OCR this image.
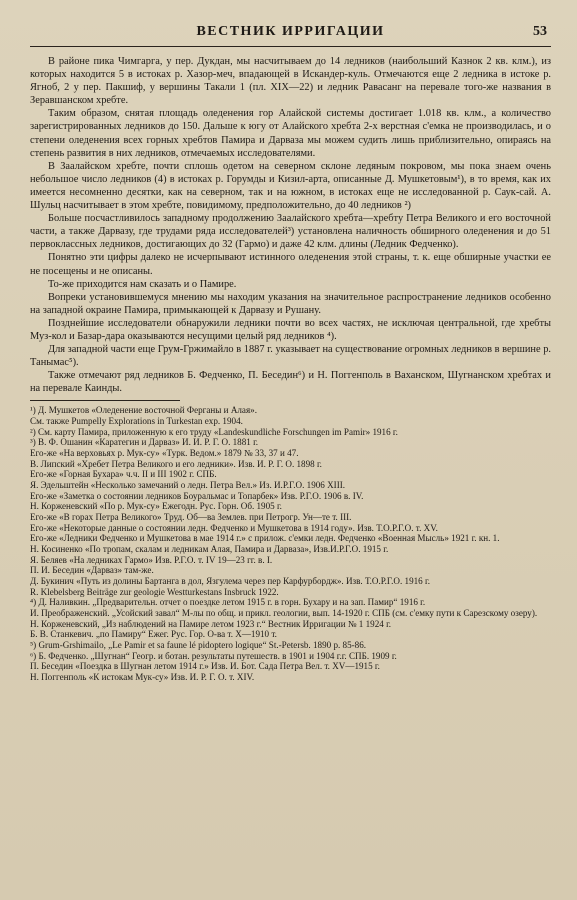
ВЕСТНИК ИРРИГАЦИИ	53

В районе пика Чимгарга, у пер. Дукдан, мы насчитываем до 14 ледников (наибольший Казнок 2 кв. клм.), из которых находится 5 в истоках р. Хазор-меч, впадающей в Искандер-куль. Отмечаются еще 2 ледника в истоке р. Ягноб, 2 у пер. Пакшиф, у вершины Такали 1 (пл. XIX—22) и ледник Равасанг на перевале того-же названия в Зеравшанском хребте.

Таким образом, снятая площадь оледенения гор Алайской системы достигает 1.018 кв. клм., а количество зарегистрированных ледников до 150. Дальше к югу от Алайского хребта 2-х верстная с'емка не производилась, и о степени оледенения всех горных хребтов Памира и Дарваза мы можем судить лишь приблизительно, опираясь на степень развития в них ледников, отмечаемых исследователями.

В Заалайском хребте, почти сплошь одетом на северном склоне ледяным покровом, мы пока знаем очень небольшое число ледников (4) в истоках р. Горумды и Кизил-арта, описанные Д. Мушкетовым¹), в то время, как их имеется несомненно десятки, как на северном, так и на южном, в истоках еще не исследованной р. Саук-сай. А. Шульц насчитывает в этом хребте, повидимому, предположительно, до 40 ледников ²)

Больше посчастливилось западному продолжению Заалайского хребта—хребту Петра Великого и его восточной части, а также Дарвазу, где трудами ряда исследователей³) установлена наличность обширного оледенения и до 51 первоклассных ледников, достигающих до 32 (Гармо) и даже 42 клм. длины (Ледник Федченко).

Понятно эти цифры далеко не исчерпывают истинного оледенения этой страны, т. к. еще обширные участки ее не посещены и не описаны.

То-же приходится нам сказать и о Памире.

Вопреки установившемуся мнению мы находим указания на значительное распространение ледников особенно на западной окраине Памира, примыкающей к Дарвазу и Рушану.

Позднейшие исследователи обнаружили ледники почти во всех частях, не исключая центральной, где хребты Муз-кол и Базар-дара оказываются несущими целый ряд ледников ⁴).

Для западной части еще Грум-Гржимайло в 1887 г. указывает на существование огромных ледников в вершине р. Танымас⁵).

Также отмечают ряд ледников Б. Федченко, П. Беседин⁶) и Н. Поггенполь в Ваханском, Шугнанском хребтах и на перевале Каинды.

¹) Д. Мушкетов «Оледенение восточной Ферганы и Алая».
См. также Pumpelly Explorations in Turkestan exp. 1904.
²) См. карту Памира, приложенную к его труду «Landeskundliche Forschungen im Pamir» 1916 г.
³) В. Ф. Ошанин «Каратегин и Дарваз» И. И. Р. Г. О. 1881 г.
Его-же «На верховьях р. Мук-су» «Турк. Ведом.» 1879 № 33, 37 и 47.
В. Липский «Хребет Петра Великого и его ледники». Изв. И. Р. Г. О. 1898 г.
Его-же «Горная Бухара» ч.ч. II и III 1902 г. СПБ.
Я. Эдельштейн «Несколько замечаний о ледн. Петра Вел.» Из. И.Р.Г.О. 1906 XIII.
Его-же «Заметка о состоянии ледников Боуральмас и Топарбек» Изв. Р.Г.О. 1906 в. IV.
Н. Корженевский «По р. Мук-су» Ежегодн. Рус. Горн. Об. 1905 г.
Его-же «В горах Петра Великого» Труд. Об—ва Землев. при Петрогр. Ун—те т. III.
Его-же «Некоторые данные о состоянии ледн. Федченко и Мушкетова в 1914 году». Изв. Т.О.Р.Г.О. т. XV.
Его-же «Ледники Федченко и Мушкетова в мае 1914 г.» с прилож. с'емки ледн. Федченко «Военная Мысль» 1921 г. кн. 1.
Н. Косиненко «По тропам, скалам и ледникам Алая, Памира и Дарваза», Изв.И.Р.Г.О. 1915 г.
Я. Беляев «На ледниках Гармо» Изв. Р.Г.О. т. IV 19—23 гг. в. I.
П. И. Беседин «Дарваз» там-же.
Д. Букинич «Путь из долины Бартанга в дол, Язгулема через пер Карфурбордж». Изв. Т.О.Р.Г.О. 1916 г.
R. Klebelsberg Beiträge zur geologie Westturkestans Insbruck 1922.
⁴) Д. Наливкин. „Предварительн. отчет о поездке летом 1915 г. в горн. Бухару и на зап. Памир“ 1916 г.
И. Преображенский. „Усойский завал“ М-лы по общ. и прикл. геологии, вып. 14-1920 г. СПБ (см. с'емку пути к Сарезскому озеру).
Н. Корженевский, „Из наблюдений на Памире летом 1923 г.“ Вестник Ирригации № 1 1924 г.
Б. В. Станкевич. „по Памиру“ Ежег. Рус. Гор. О-ва т. X—1910 т.
⁵) Grum-Grshimailo, „Le Pamir et sa faune lé pidoptero logique“ St.-Petersb. 1890 p. 85-86.
⁶) Б. Федченко. „Шугнан“ Геогр. и ботан. результаты путешеств. в 1901 и 1904 г.г. СПБ. 1909 г.
П. Беседин «Поездка в Шугнан летом 1914 г.» Изв. И. Бот. Сада Петра Вел. т. XV—1915 г.
Н. Поггенполь «К истокам Мук-су» Изв. И. Р. Г. О. т. XIV.
